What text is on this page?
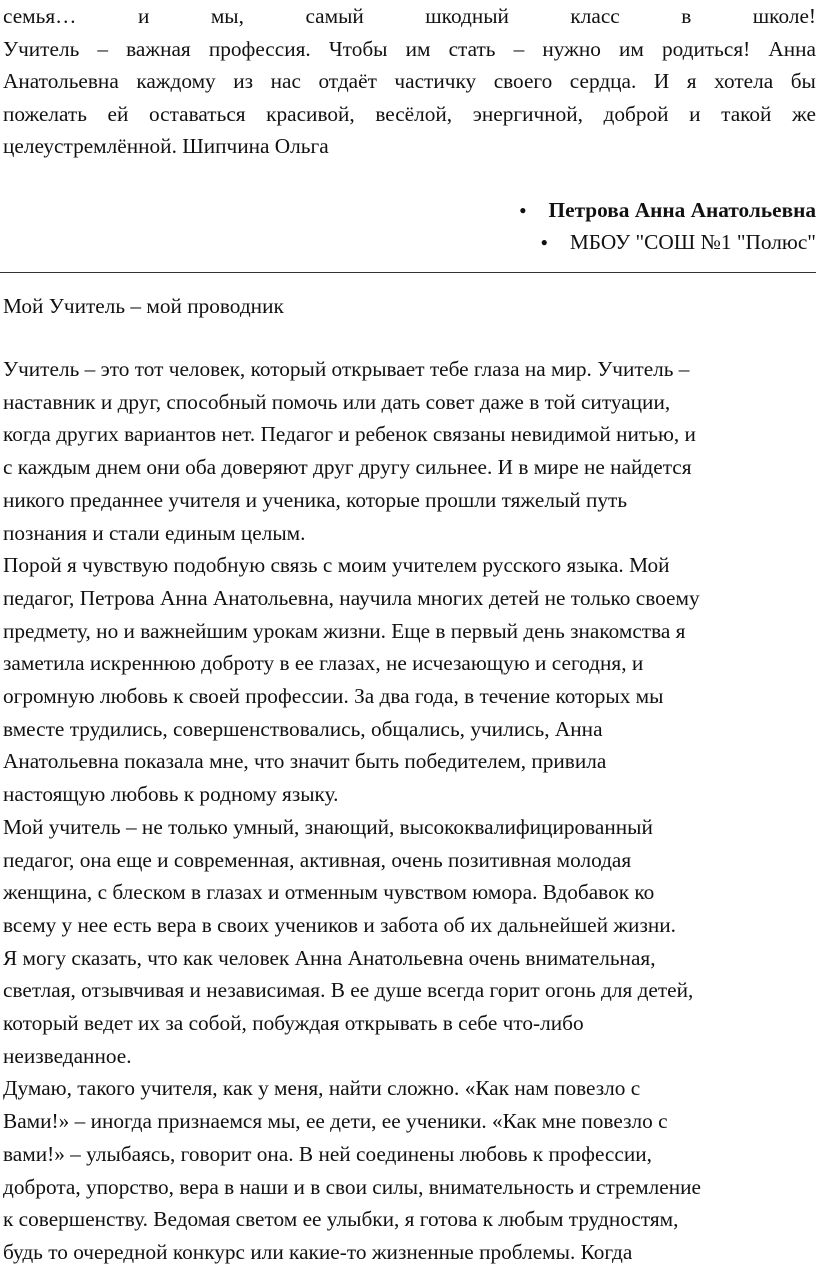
семья…	и	мы,	самый	шкодный	класс	в	школе!
Учитель – важная профессия. Чтобы им стать – нужно им родиться! Анна
Анатольевна каждому из нас отдаёт частичку своего сердца. И я хотела бы
пожелать ей оставаться красивой, весёлой, энергичной, доброй и такой же
целеустремлённой. Шипчина Ольга
● Петрова Анна Анатольевна
● МБОУ "СОШ №1 "Полюс"
Мой Учитель – мой проводник
Учитель – это тот человек, который открывает тебе глаза на мир. Учитель –
наставник и друг, способный помочь или дать совет даже в той ситуации,
когда других вариантов нет. Педагог и ребенок связаны невидимой нитью, и
с каждым днем они оба доверяют друг другу сильнее. И в мире не найдется
никого преданнее учителя и ученика, которые прошли тяжелый путь
познания и стали единым целым.
Порой я чувствую подобную связь с моим учителем русского языка. Мой
педагог, Петрова Анна Анатольевна, научила многих детей не только своему
предмету, но и важнейшим урокам жизни. Еще в первый день знакомства я
заметила искреннюю доброту в ее глазах, не исчезающую и сегодня, и
огромную любовь к своей профессии. За два года, в течение которых мы
вместе трудились, совершенствовались, общались, учились, Анна
Анатольевна показала мне, что значит быть победителем, привила
настоящую любовь к родному языку.
Мой учитель – не только умный, знающий, высококвалифицированный
педагог, она еще и современная, активная, очень позитивная молодая
женщина, с блеском в глазах и отменным чувством юмора. Вдобавок ко
всему у нее есть вера в своих учеников и забота об их дальнейшей жизни.
Я могу сказать, что как человек Анна Анатольевна очень внимательная,
светлая, отзывчивая и независимая. В ее душе всегда горит огонь для детей,
который ведет их за собой, побуждая открывать в себе что-либо
неизведанное.
Думаю, такого учителя, как у меня, найти сложно. «Как нам повезло с
Вами!» – иногда признаемся мы, ее дети, ее ученики. «Как мне повезло с
вами!» – улыбаясь, говорит она. В ней соединены любовь к профессии,
доброта, упорство, вера в наши и в свои силы, внимательность и стремление
к совершенству. Ведомая светом ее улыбки, я готова к любым трудностям,
будь то очередной конкурс или какие-то жизненные проблемы. Когда
